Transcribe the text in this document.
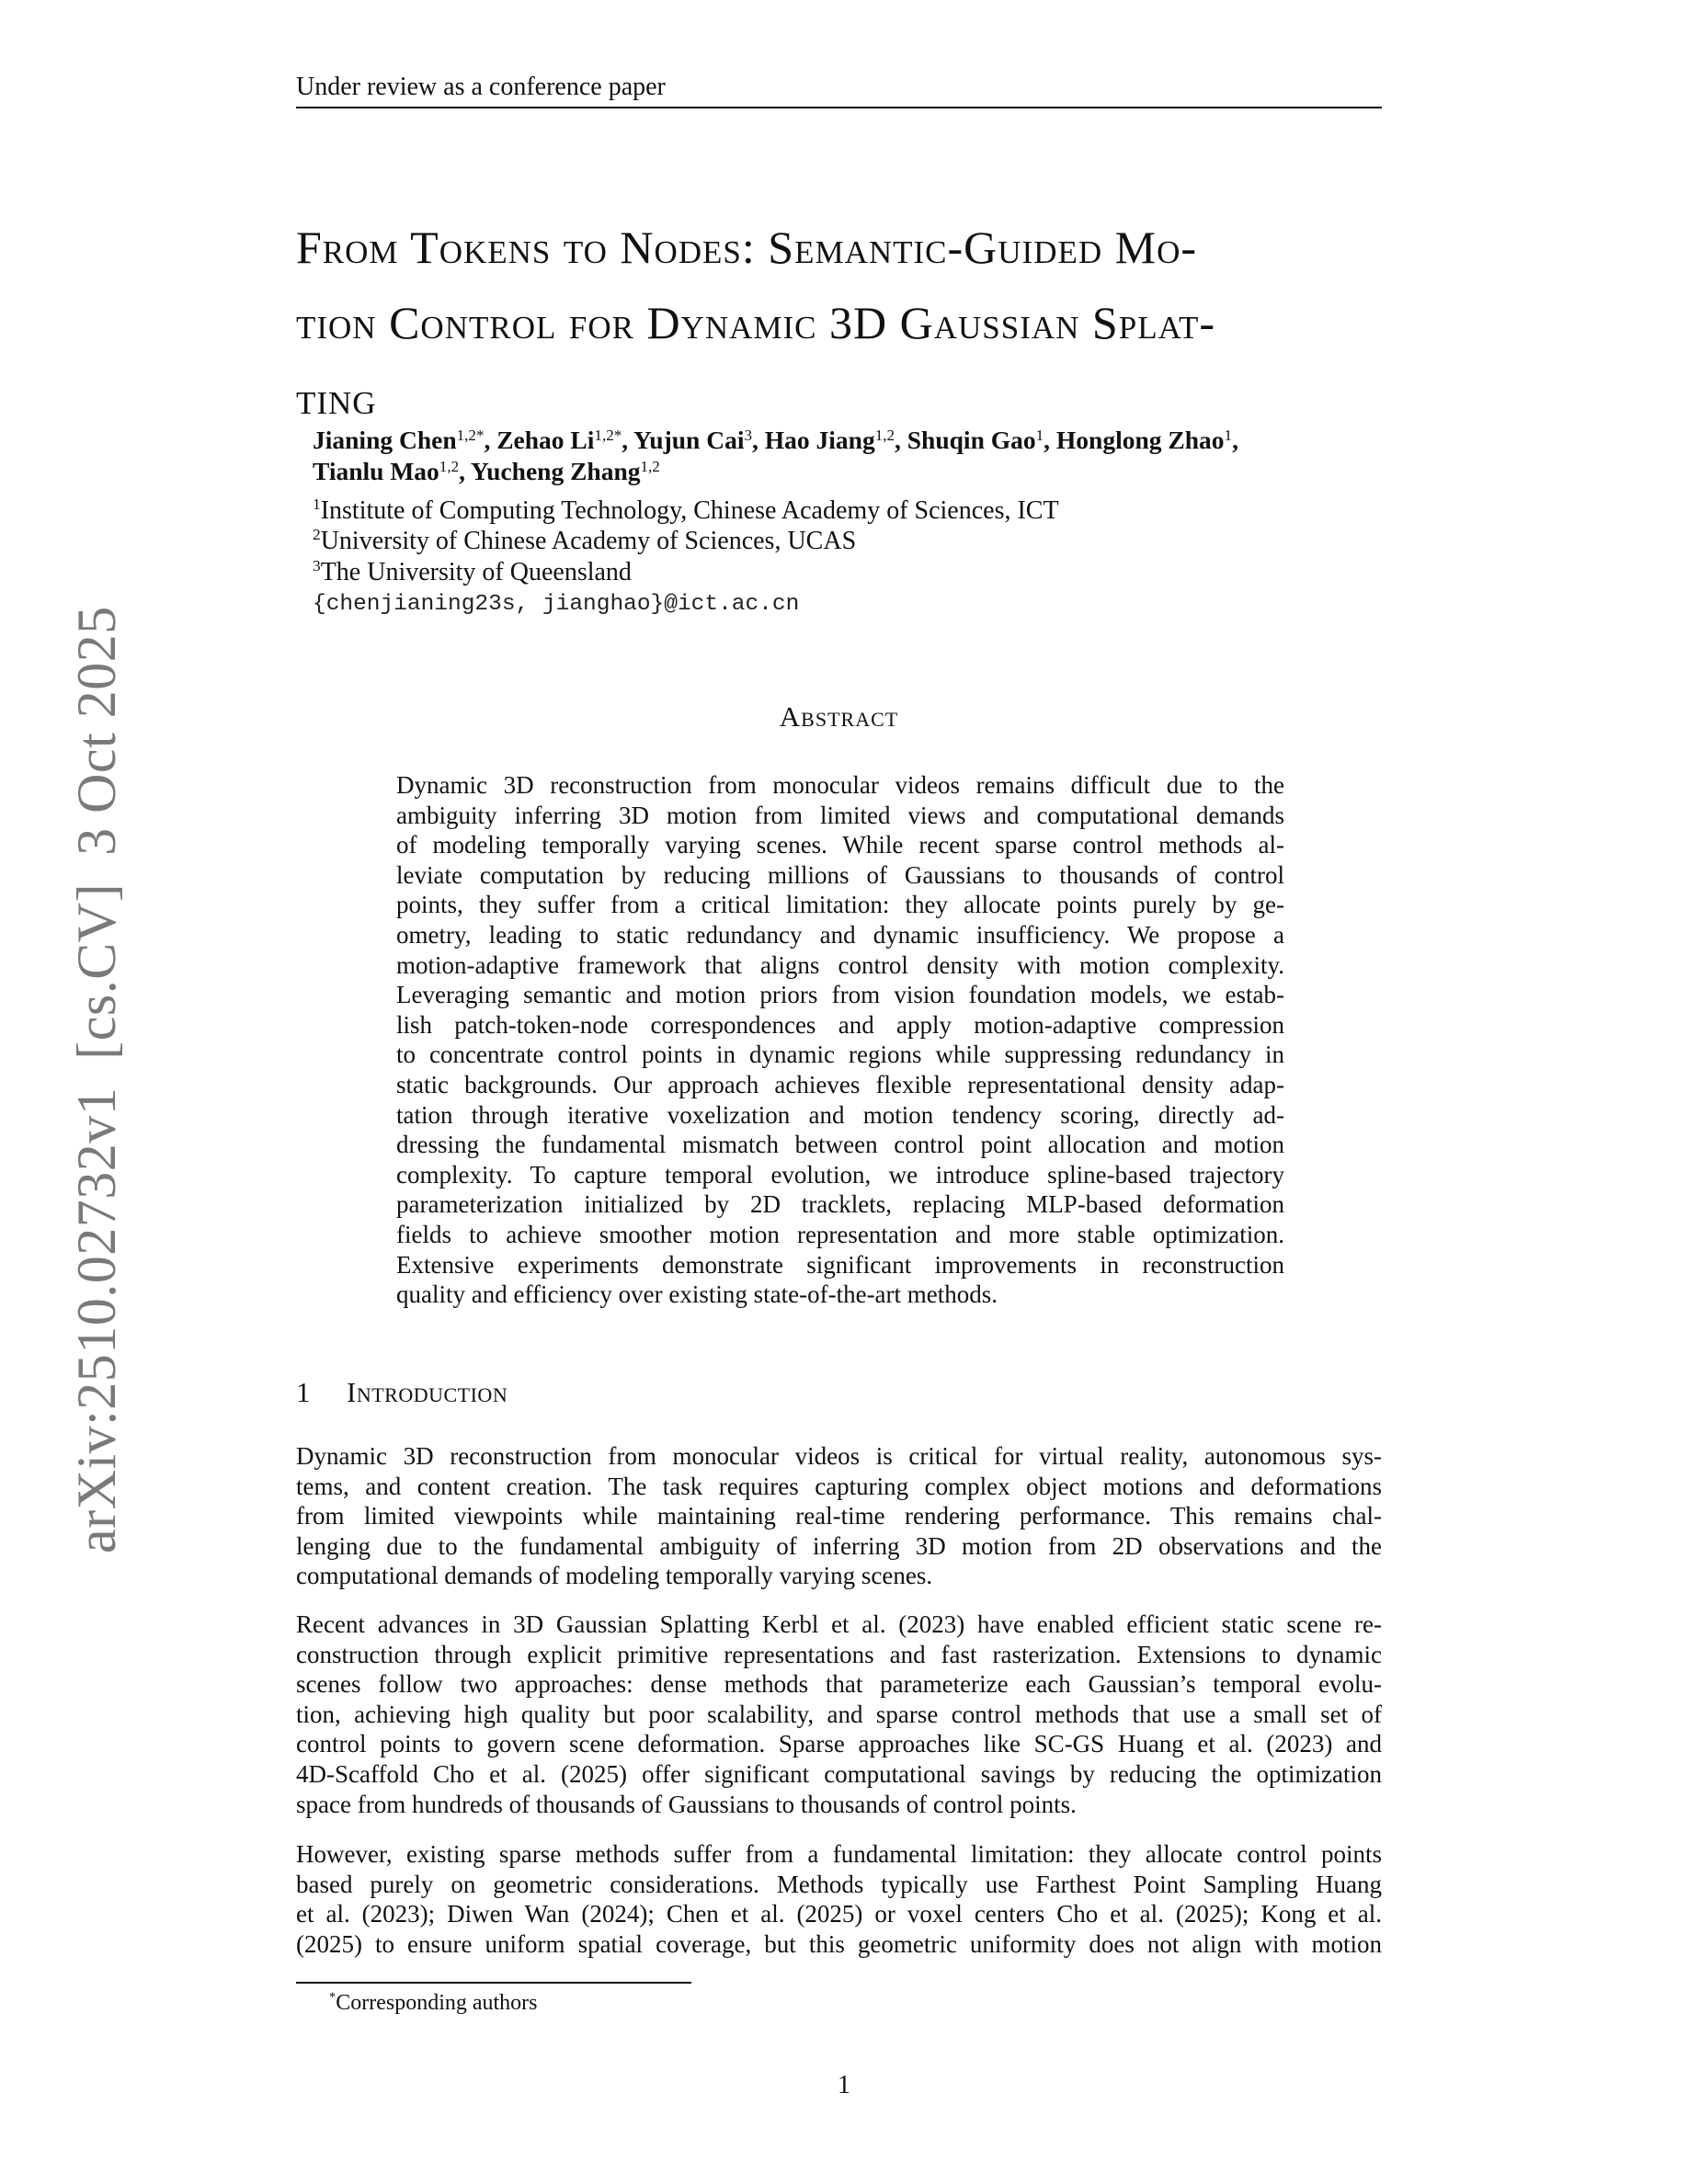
arXiv:2510.02732v1[cs.CV]3 Oct 2025
Under review as a conference paper
From Tokens to Nodes: Semantic-Guided Mo-
tion Control for Dynamic 3D Gaussian Splat-
ting
Jianing Chen$^{1,2*}$, Zehao $Li^{1,2*}$, Yujun Cai$^3$, Hao Jiang$^{1,2}$, Shuqin Gao$^1$, Honglong Zhao$^1$,
Tianlu Mao$^{1,2}$, Yucheng Zhang$^{1,2}$
$^1$Institute of Computing Technology, Chinese Academy of Sciences, ICT
$^2$University of Chinese Academy of Sciences, UCAS
$^3$The University of Queensland
{chenjianing23s, jianghao}@ict.ac.cn
Abstract
Dynamic 3D reconstruction from monocular videos remains difficult due to the
ambiguity inferring 3D motion from limited views and computational demands
of modeling temporally varying scenes. While recent sparse control methods al-
leviate computation by reducing millions of Gaussians to thousands of control
points, they suffer from a critical limitation: they allocate points purely by ge-
ometry, leading to static redundancy and dynamic insufficiency. We propose a
motion-adaptive framework that aligns control density with motion complexity.
Leveraging semantic and motion priors from vision foundation models, we estab-
lish patch-token-node correspondences and apply motion-adaptive compression
to concentrate control points in dynamic regions while suppressing redundancy in
static backgrounds. Our approach achieves flexible representational density adap-
tation through iterative voxelization and motion tendency scoring, directly ad-
dressing the fundamental mismatch between control point allocation and motion
complexity. To capture temporal evolution, we introduce spline-based trajectory
parameterization initialized by 2D tracklets, replacing MLP-based deformation
fields to achieve smoother motion representation and more stable optimization.
Extensive experiments demonstrate significant improvements in reconstruction
quality and efficiency over existing state-of-the-art methods.
1 Introduction
Dynamic 3D reconstruction from monocular videos is critical for virtual reality, autonomous sys-
tems, and content creation. The task requires capturing complex object motions and deformations
from limited viewpoints while maintaining real-time rendering performance. This remains chal-
lenging due to the fundamental ambiguity of inferring 3D motion from 2D observations and the
computational demands of modeling temporally varying scenes.
Recent advances in 3D Gaussian Splatting Kerbl et al. (2023) have enabled efficient static scene re-
construction through explicit primitive representations and fast rasterization. Extensions to dynamic
scenes follow two approaches: dense methods that parameterize each Gaussian’s temporal evolu-
tion, achieving high quality but poor scalability, and sparse control methods that use a small set of
control points to govern scene deformation. Sparse approaches like SC-GS Huang et al. (2023) and
4D-Scaffold Cho et al. (2025) offer significant computational savings by reducing the optimization
space from hundreds of thousands of Gaussians to thousands of control points.
However, existing sparse methods suffer from a fundamental limitation: they allocate control points
based purely on geometric considerations. Methods typically use Farthest Point Sampling Huang
et al. (2023); Diwen Wan (2024); Chen et al. (2025) or voxel centers Cho et al. (2025); Kong et al.
(2025) to ensure uniform spatial coverage, but this geometric uniformity does not align with motion
*Corresponding authors
1
